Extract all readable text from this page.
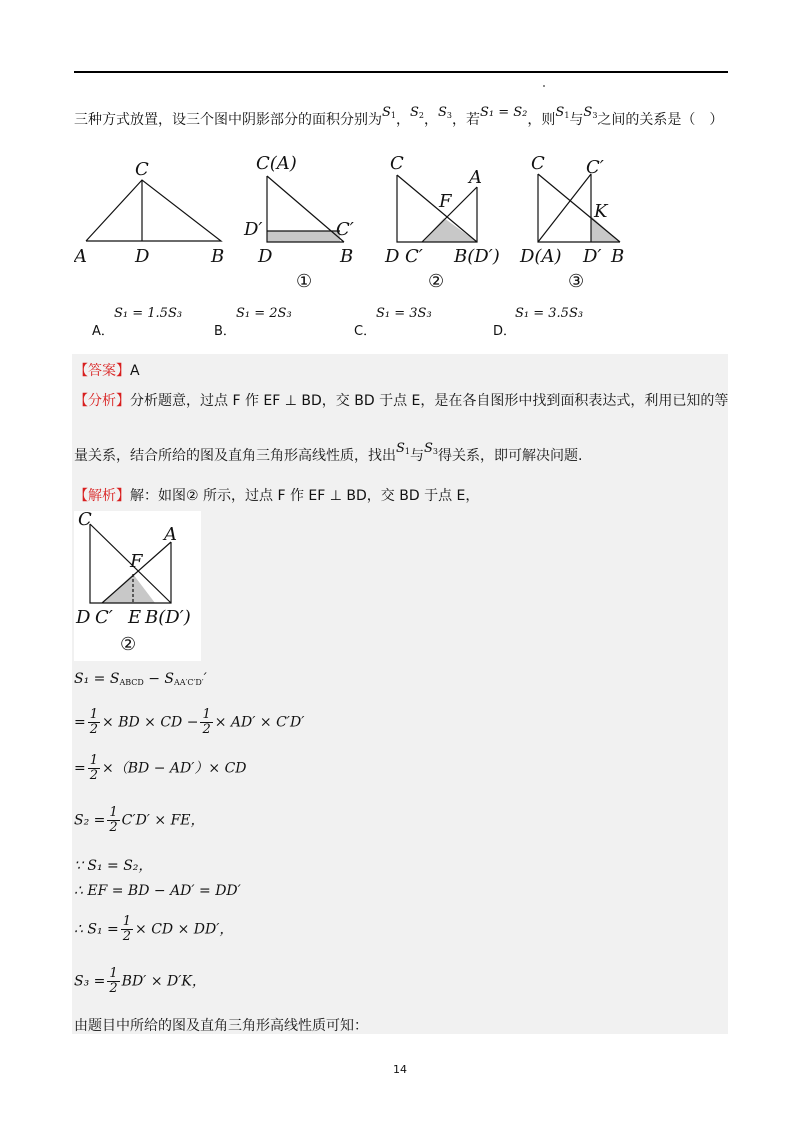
三种方式放置，设三个图中阴影部分的面积分别为$S_1$，$S_2$，$S_3$，若S₁ = S₂，则$S_1$与$S_3$之间的关系是（　）
C
A	D	B
C(A)
D′	C′
D	B
①
C
A
F
D C′ B(D′)
②
C C′
K
D(A) D′ B
③
A．
S₁ = 1.5S₃
B．
S₁ = 2S₃
C．
S₁ = 3S₃
D．
S₁ = 3.5S₃
【答案】A
【分析】分析题意，过点 F 作 EF ⊥ BD，交 BD 于点 E，是在各自图形中找到面积表达式，利用已知的等
量关系，结合所给的图及直角三角形高线性质，找出$S_1$与$S_3$得关系，即可解决问题.
【解析】解：如图② 所示，过点 F 作 EF ⊥ BD，交 BD 于点 E，
C
A
F
D C′ E B(D′)
②
$S_1 = S_{ABCD} - S_{AA'C'D'}'$
= $\frac{1}{2}$ × BD × CD − $\frac{1}{2} \times AD' \times C'D'$
= $\frac{1}{2} \times(BD - AD')\times$ CD
$S_2 = \frac{1}{2} C'D'$ × FE，
∵ S₁ = S₂，
∴ EF = BD − AD′ = DD′
∴ $S_1 = \frac{1}{2}$ × CD × DD′，
$S_3 = \frac{1}{2} BD' \times D'K$，
由题目中所给的图及直角三角形高线性质可知：
14
